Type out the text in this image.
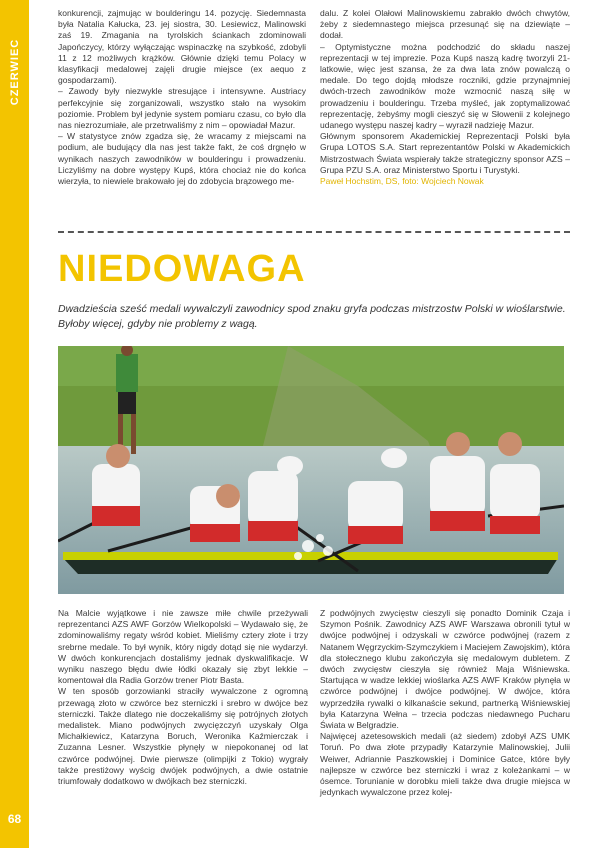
CZERWIEC
68

konkurencji, zajmując w boulderingu 14. pozycję. Siedemnasta była Natalia Kałucka, 23. jej siostra, 30. Lesiewicz, Malinowski zaś 19. Zmagania na tyrolskich ściankach zdominowali Japończycy, którzy wyłączając wspinaczkę na szybkość, zdobyli 11 z 12 możliwych krążków. Głównie dzięki temu Polacy w klasyfikacji medalowej zajęli drugie miejsce (ex aequo z gospodarzami).

– Zawody były niezwykle stresujące i intensywne. Austriacy perfekcyjnie się zorganizowali, wszystko stało na wysokim poziomie. Problem był jedynie system pomiaru czasu, co było dla nas niezrozumiałe, ale przetrwaliśmy z nim – opowiadał Mazur.

– W statystyce znów zgadza się, że wracamy z miejscami na podium, ale budujący dla nas jest także fakt, że coś drgnęło w wynikach naszych zawodników w boulderingu i prowadzeniu. Liczyliśmy na dobre występy Kupś, która chociaż nie do końca wierzyła, to niewiele brakowało jej do zdobycia brązowego me-

dalu. Z kolei Olałowi Malinowskiemu zabrakło dwóch chwytów, żeby z siedemnastego miejsca przesunąć się na dziewiąte – dodał.

– Optymistyczne można podchodzić do składu naszej reprezentacji w tej imprezie. Poza Kupś naszą kadrę tworzyli 21-latkowie, więc jest szansa, że za dwa lata znów powalczą o medale. Do tego dojdą młodsze roczniki, gdzie przynajmniej dwóch-trzech zawodników może wzmocnić naszą siłę w prowadzeniu i boulderingu. Trzeba myśleć, jak zoptymalizować reprezentację, żebyśmy mogli cieszyć się w Słowenii z kolejnego udanego występu naszej kadry – wyraził nadzieję Mazur.

Głównym sponsorem Akademickiej Reprezentacji Polski była Grupa LOTOS S.A. Start reprezentantów Polski w Akademickich Mistrzostwach Świata wspierały także strategiczny sponsor AZS – Grupa PZU S.A. oraz Ministerstwo Sportu i Turystyki.

Paweł Hochstim, DS, foto: Wojciech Nowak

NIEDOWAGA
Dwadzieścia sześć medali wywalczyli zawodnicy spod znaku gryfa podczas mistrzostw Polski w wioślarstwie. Byłoby więcej, gdyby nie problemy z wagą.

Na Malcie wyjątkowe i nie zawsze miłe chwile przeżywali reprezentanci AZS AWF Gorzów Wielkopolski – Wydawało się, że zdominowaliśmy regaty wśród kobiet. Mieliśmy cztery złote i trzy srebrne medale. To był wynik, który nigdy dotąd się nie wydarzył. W dwóch konkurencjach dostaliśmy jednak dyskwalifikacje. W wyniku naszego błędu dwie łódki okazały się zbyt lekkie – komentował dla Radia Gorzów trener Piotr Basta.

W ten sposób gorzowianki straciły wywalczone z ogromną przewagą złoto w czwórce bez sterniczki i srebro w dwójce bez sterniczki. Także dlatego nie doczekaliśmy się potrójnych złotych medalistek. Miano podwójnych zwycięzczyń uzyskały Olga Michałkiewicz, Katarzyna Boruch, Weronika Kaźmierczak i Zuzanna Lesner. Wszystkie płynęły w niepokonanej od lat czwórce podwójnej. Dwie pierwsze (olimpijki z Tokio) wygrały także prestiżowy wyścig dwójek podwójnych, a dwie ostatnie triumfowały dodatkowo w dwójkach bez sterniczki.

Z podwójnych zwycięstw cieszyli się ponadto Dominik Czaja i Szymon Pośnik. Zawodnicy AZS AWF Warszawa obronili tytuł w dwójce podwójnej i odzyskali w czwórce podwójnej (razem z Natanem Węgrzyckim-Szymczykiem i Maciejem Zawojskim), która dla stołecznego klubu zakończyła się medalowym dubletem. Z dwóch zwycięstw cieszyła się również Maja Wiśniewska. Startująca w wadze lekkiej wioślarka AZS AWF Kraków płynęła w czwórce podwójnej i dwójce podwójnej. W dwójce, która wyprzedziła rywalki o kilkanaście sekund, partnerką Wiśniewskiej była Katarzyna Wełna – trzecia podczas niedawnego Pucharu Świata w Belgradzie.

Najwięcej azetesowskich medali (aż siedem) zdobył AZS UMK Toruń. Po dwa złote przypadły Katarzynie Malinowskiej, Julii Weiwer, Adriannie Paszkowskiej i Dominice Gatce, które były najlepsze w czwórce bez sterniczki i wraz z koleżankami – w ósemce. Torunianie w dorobku mieli także dwa drugie miejsca w jedynkach wywalczone przez kolej-
